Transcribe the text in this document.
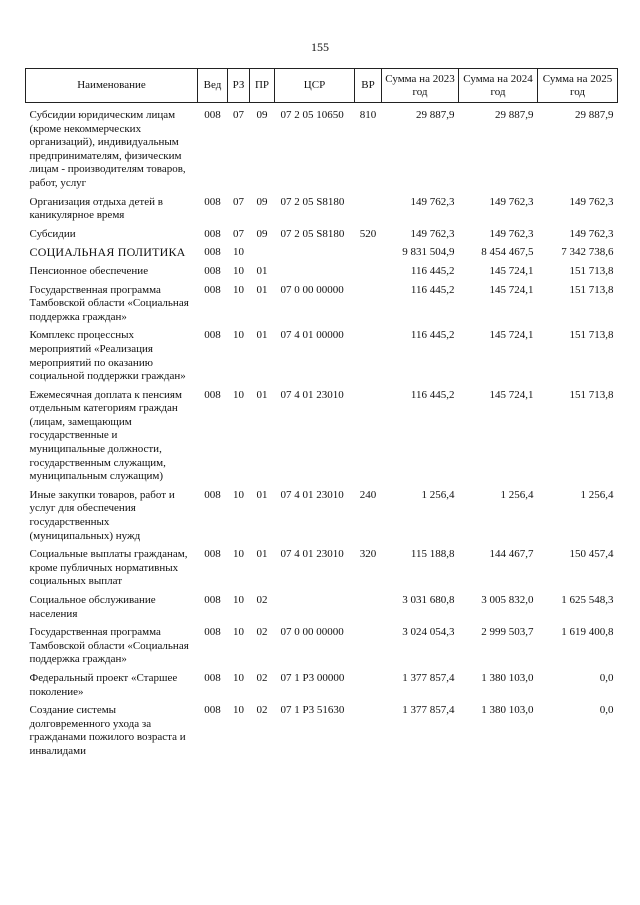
155
Наименование	Вед	РЗ	ПР	ЦСР	ВР	Сумма на 2023 год	Сумма на 2024 год	Сумма на 2025 год
Субсидии юридическим лицам (кроме некоммерческих организаций), индивидуальным предпринимателям, физическим лицам - производителям товаров, работ, услуг	008	07	09	07 2 05 10650	810	29 887,9	29 887,9	29 887,9
Организация отдыха детей в каникулярное время	008	07	09	07 2 05 S8180		149 762,3	149 762,3	149 762,3
Субсидии	008	07	09	07 2 05 S8180	520	149 762,3	149 762,3	149 762,3
СОЦИАЛЬНАЯ ПОЛИТИКА	008	10				9 831 504,9	8 454 467,5	7 342 738,6
Пенсионное обеспечение	008	10	01			116 445,2	145 724,1	151 713,8
Государственная программа Тамбовской области «Социальная поддержка граждан»	008	10	01	07 0 00 00000		116 445,2	145 724,1	151 713,8
Комплекс процессных мероприятий «Реализация мероприятий по оказанию социальной поддержки граждан»	008	10	01	07 4 01 00000		116 445,2	145 724,1	151 713,8
Ежемесячная доплата к пенсиям отдельным категориям граждан (лицам, замещающим государственные и муниципальные должности, государственным служащим, муниципальным служащим)	008	10	01	07 4 01 23010		116 445,2	145 724,1	151 713,8
Иные закупки товаров, работ и услуг для обеспечения государственных (муниципальных) нужд	008	10	01	07 4 01 23010	240	1 256,4	1 256,4	1 256,4
Социальные выплаты гражданам, кроме публичных нормативных социальных выплат	008	10	01	07 4 01 23010	320	115 188,8	144 467,7	150 457,4
Социальное обслуживание населения	008	10	02			3 031 680,8	3 005 832,0	1 625 548,3
Государственная программа Тамбовской области «Социальная поддержка граждан»	008	10	02	07 0 00 00000		3 024 054,3	2 999 503,7	1 619 400,8
Федеральный проект «Старшее поколение»	008	10	02	07 1 P3 00000		1 377 857,4	1 380 103,0	0,0
Создание системы долговременного ухода за гражданами пожилого возраста и инвалидами	008	10	02	07 1 P3 51630		1 377 857,4	1 380 103,0	0,0
